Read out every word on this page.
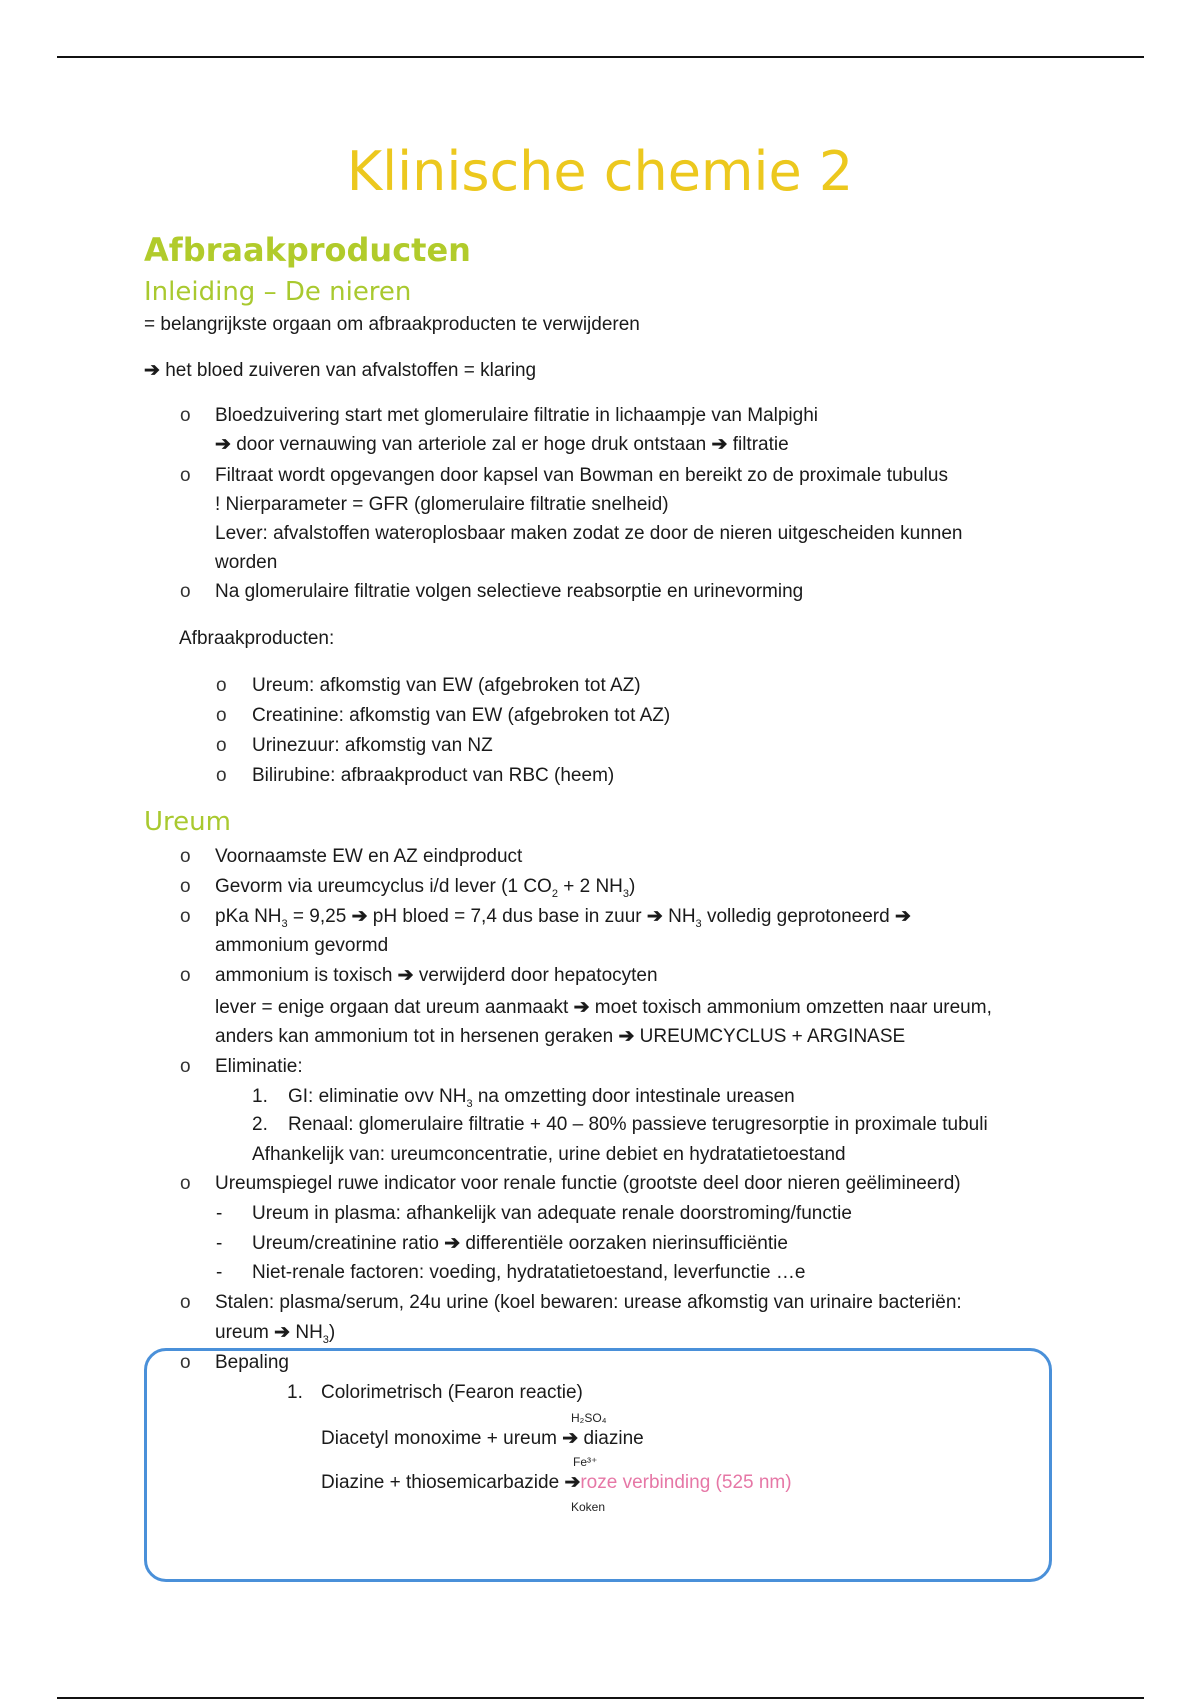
Klinische chemie 2
Afbraakproducten
Inleiding – De nieren
= belangrijkste orgaan om afbraakproducten te verwijderen
➔ het bloed zuiveren van afvalstoffen = klaring
o Bloedzuivering start met glomerulaire filtratie in lichaampje van Malpighi
➔ door vernauwing van arteriole zal er hoge druk ontstaan ➔ filtratie
o Filtraat wordt opgevangen door kapsel van Bowman en bereikt zo de proximale tubulus
! Nierparameter = GFR (glomerulaire filtratie snelheid)
Lever: afvalstoffen wateroplosbaar maken zodat ze door de nieren uitgescheiden kunnen
worden
o Na glomerulaire filtratie volgen selectieve reabsorptie en urinevorming
Afbraakproducten:
o Ureum: afkomstig van EW (afgebroken tot AZ)
o Creatinine: afkomstig van EW (afgebroken tot AZ)
o Urinezuur: afkomstig van NZ
o Bilirubine: afbraakproduct van RBC (heem)
Ureum
o Voornaamste EW en AZ eindproduct
o Gevorm via ureumcyclus i/d lever (1 $CO_2 + 2$ $NH_3$)
o pKa $NH_3 = 9,25$ ➔ pH bloed = 7,4 dus base in zuur ➔ $NH_3$ volledig geprotoneerd ➔
ammonium gevormd
o ammonium is toxisch ➔ verwijderd door hepatocyten
lever = enige orgaan dat ureum aanmaakt ➔ moet toxisch ammonium omzetten naar ureum,
anders kan ammonium tot in hersenen geraken ➔ UREUMCYCLUS + ARGINASE
o Eliminatie:
1. GI: eliminatie ovv $NH_3$ na omzetting door intestinale ureasen
2. Renaal: glomerulaire filtratie + 40 – 80% passieve terugresorptie in proximale tubuli
Afhankelijk van: ureumconcentratie, urine debiet en hydratatietoestand
o Ureumspiegel ruwe indicator voor renale functie (grootste deel door nieren geëlimineerd)
- Ureum in plasma: afhankelijk van adequate renale doorstroming/functie
- Ureum/creatinine ratio ➔ differentiële oorzaken nierinsufficiëntie
- Niet-renale factoren: voeding, hydratatietoestand, leverfunctie …e
o Stalen: plasma/serum, 24u urine (koel bewaren: urease afkomstig van urinaire bacteriën:
ureum ➔ $NH_3$)
o Bepaling
1. Colorimetrisch (Fearon reactie)
H₂SO₄
Diacetyl monoxime + ureum ➔ diazine
Fe³⁺
Diazine + thiosemicarbazide ➔roze verbinding (525 nm)
Koken
